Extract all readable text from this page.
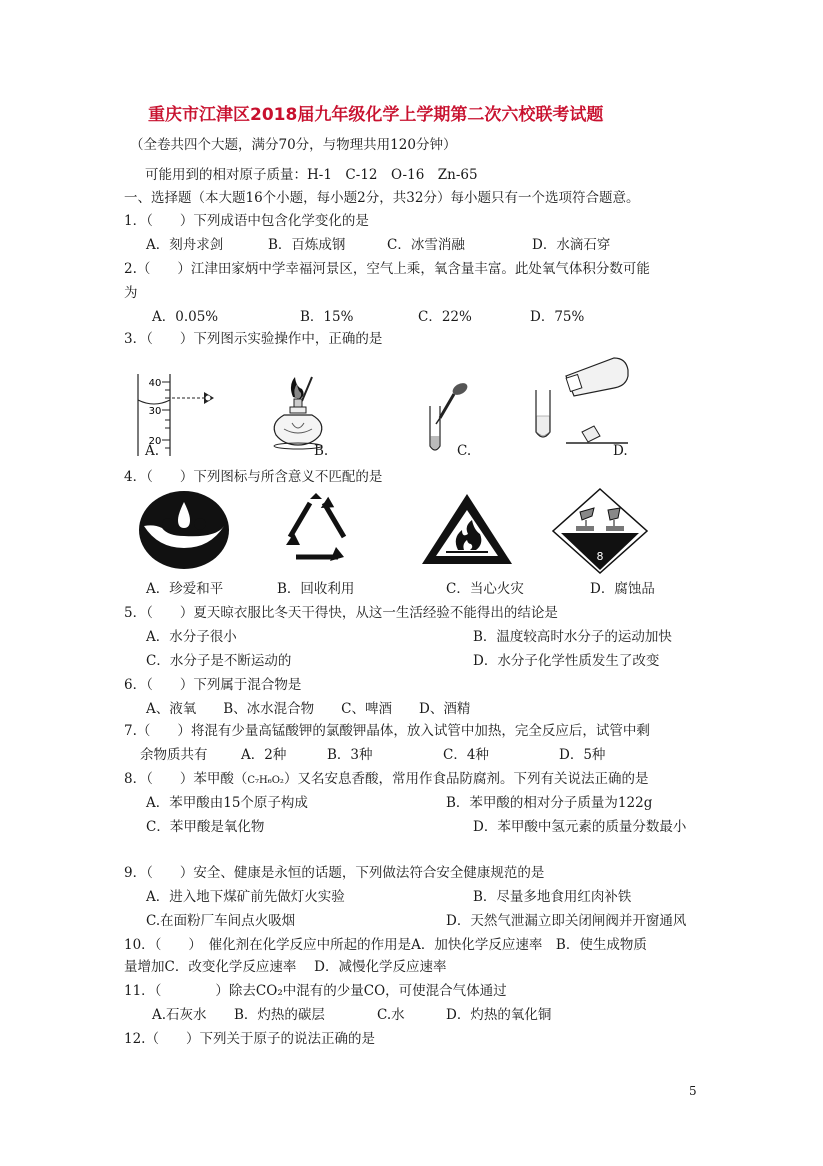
重庆市江津区2018届九年级化学上学期第二次六校联考试题
（全卷共四个大题，满分70分，与物理共用120分钟）
可能用到的相对原子质量：H-1　C-12　O-16　Zn-65
一、选择题（本大题16个小题，每小题2分，共32分）每小题只有一个选项符合题意。
1．（　　）下列成语中包含化学变化的是
A．刻舟求剑	B．百炼成钢	C．冰雪消融	D．水滴石穿
2.（　　）江津田家炳中学幸福河景区，空气上乘，氧含量丰富。此处氧气体积分数可能
为
A．0.05%	B．15%	C．22%	D．75%
3．（　　）下列图示实验操作中，正确的是
40
30
20
A.	B.	C.	D.
4．（　　）下列图标与所含意义不匹配的是
8
A．珍爱和平	B．回收利用	C．当心火灾	D．腐蚀品
5．（　　）夏天晾衣服比冬天干得快，从这一生活经验不能得出的结论是
A．水分子很小	B．温度较高时水分子的运动加快
C．水分子是不断运动的	D．水分子化学性质发生了改变
6．（　　）下列属于混合物是
A、液氧　　B、冰水混合物　　C、啤酒　　D、酒精
7.（　　）将混有少量高锰酸钾的氯酸钾晶体，放入试管中加热，完全反应后，试管中剩
余物质共有 A．2种	B．3种	C．4种	D．5种
8．（　　）苯甲酸（C₇H₆O₂）又名安息香酸，常用作食品防腐剂。下列有关说法正确的是
A．苯甲酸由15个原子构成	B．苯甲酸的相对分子质量为122g
C．苯甲酸是氧化物	D．苯甲酸中氢元素的质量分数最小
9．（　　）安全、健康是永恒的话题，下列做法符合安全健康规范的是
A．进入地下煤矿前先做灯火实验	B．尽量多地食用红肉补铁
C.在面粉厂车间点火吸烟	D．天然气泄漏立即关闭闸阀并开窗通风
10．（　　）　催化剂在化学反应中所起的作用是A．加快化学反应速率　B．使生成物质
量增加C．改变化学反应速率　 D．减慢化学反应速率
11．（　　　　）除去CO₂中混有的少量CO，可使混合气体通过
A.石灰水 B．灼热的碳层	C.水	D．灼热的氧化铜
12.（　　）下列关于原子的说法正确的是
5
